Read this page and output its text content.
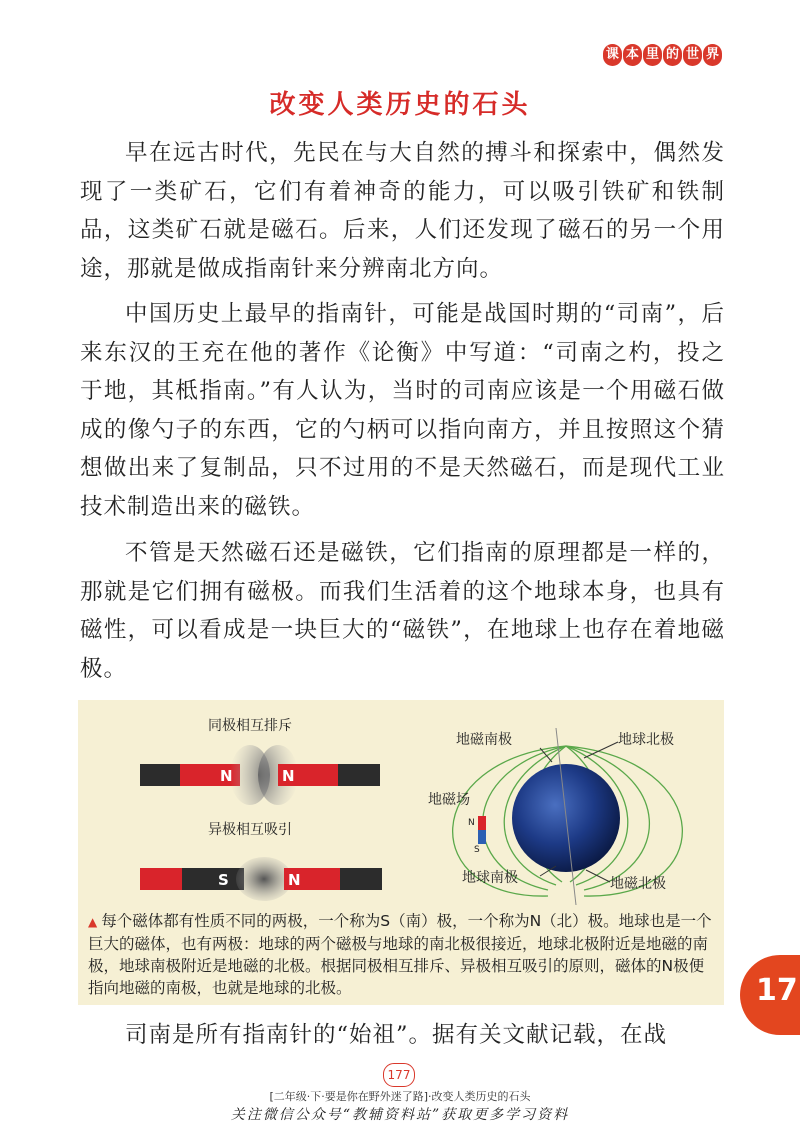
课 本 里 的 世 界
改变人类历史的石头

早在远古时代，先民在与大自然的搏斗和探索中，偶然发现了一类矿石，它们有着神奇的能力，可以吸引铁矿和铁制品，这类矿石就是磁石。后来，人们还发现了磁石的另一个用途，那就是做成指南针来分辨南北方向。

中国历史上最早的指南针，可能是战国时期的“司南”，后来东汉的王充在他的著作《论衡》中写道：“司南之杓，投之于地，其柢指南。”有人认为，当时的司南应该是一个用磁石做成的像勺子的东西，它的勺柄可以指向南方，并且按照这个猜想做出来了复制品，只不过用的不是天然磁石，而是现代工业技术制造出来的磁铁。

不管是天然磁石还是磁铁，它们指南的原理都是一样的，那就是它们拥有磁极。而我们生活着的这个地球本身，也具有磁性，可以看成是一块巨大的“磁铁”，在地球上也存在着地磁极。

同极相互排斥
N	N
异极相互吸引
S	N
N
S
地磁南极	地球北极
地磁场
地球南极	地磁北极

▲ 每个磁体都有性质不同的两极，一个称为S（南）极，一个称为N（北）极。地球也是一个巨大的磁体，也有两极：地球的两个磁极与地球的南北极很接近，地球北极附近是地磁的南极，地球南极附近是地磁的北极。根据同极相互排斥、异极相互吸引的原则，磁体的N极便指向地磁的南极，也就是地球的北极。

司南是所有指南针的“始祖”。据有关文献记载，在战

17
177
[二年级·下·要是你在野外迷了路]·改变人类历史的石头
关注微信公众号“教辅资料站”获取更多学习资料
